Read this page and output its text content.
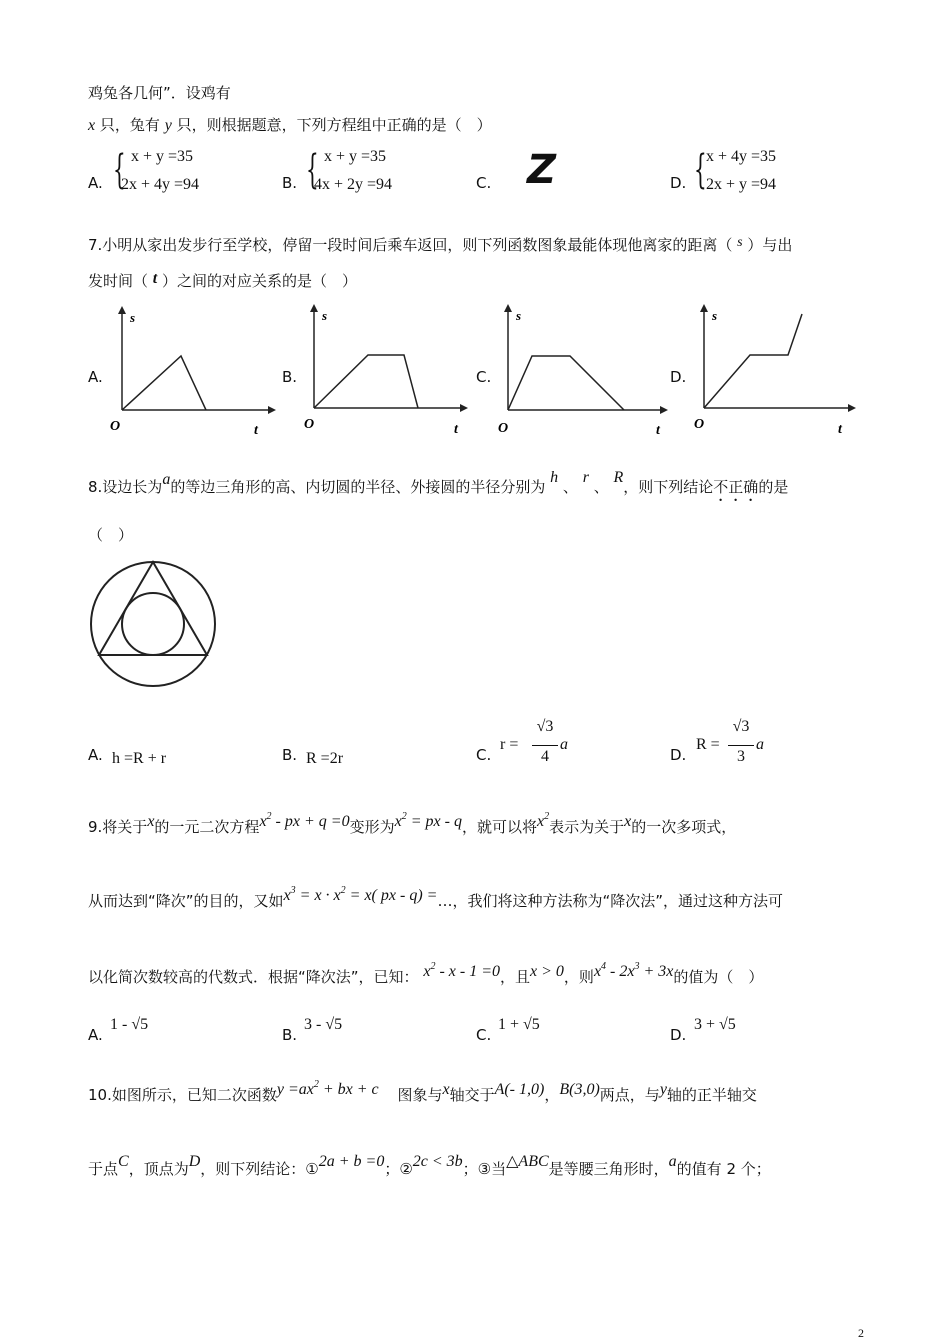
鸡兔各几何”．设鸡有
x 只，兔有 y 只，则根据题意，下列方程组中正确的是（　）
A. { x + y =35
2x + 4y =94	B. { x + y =35
4x + 2y =94	C. Z	D. { x + 4y =35
2x + y =94
7.小明从家出发步行至学校，停留一段时间后乘车返回，则下列函数图象最能体现他离家的距离（ s ）与出
发时间（ t ）之间的对应关系的是（　）
A.
s
O	t
B.
s
O	t
C.
s
O	t
D.
s
O	t
8.设边长为a的等边三角形的高、内切圆的半径、外接圆的半径分别为 h 、 r 、 R，则下列结论不正确的是
（　）
A. h =R + r	B. R =2r	C.
r =
√3
4
a
D.
R =
√3
3
a
9.将关于x的一元二次方程$x^2$ - px + q =0变形为$x^2$ = px - q，就可以将$x^2$表示为关于x的一次多项式，
从而达到“降次”的目的，又如$x^3 = x \cdot x^2 = x$( px - q) =…，我们将这种方法称为“降次法”，通过这种方法可
以化简次数较高的代数式．根据“降次法”，已知： $x^2 - x - 1 =0$，且x > 0，则$x^4 - 2x^3 + 3x$的值为（　）
A.
1 - √5
B.
3 - √5
C.
1 + √5
D.
3 + √5
10.如图所示，已知二次函数$y =ax^2$ + bx + c 图象与x轴交于A(- 1,0)，B(3,0)两点，与y轴的正半轴交
于点C，顶点为D，则下列结论：①2a + b =0；②2c < 3b；③当△ABC是等腰三角形时，a的值有 2 个；
2
